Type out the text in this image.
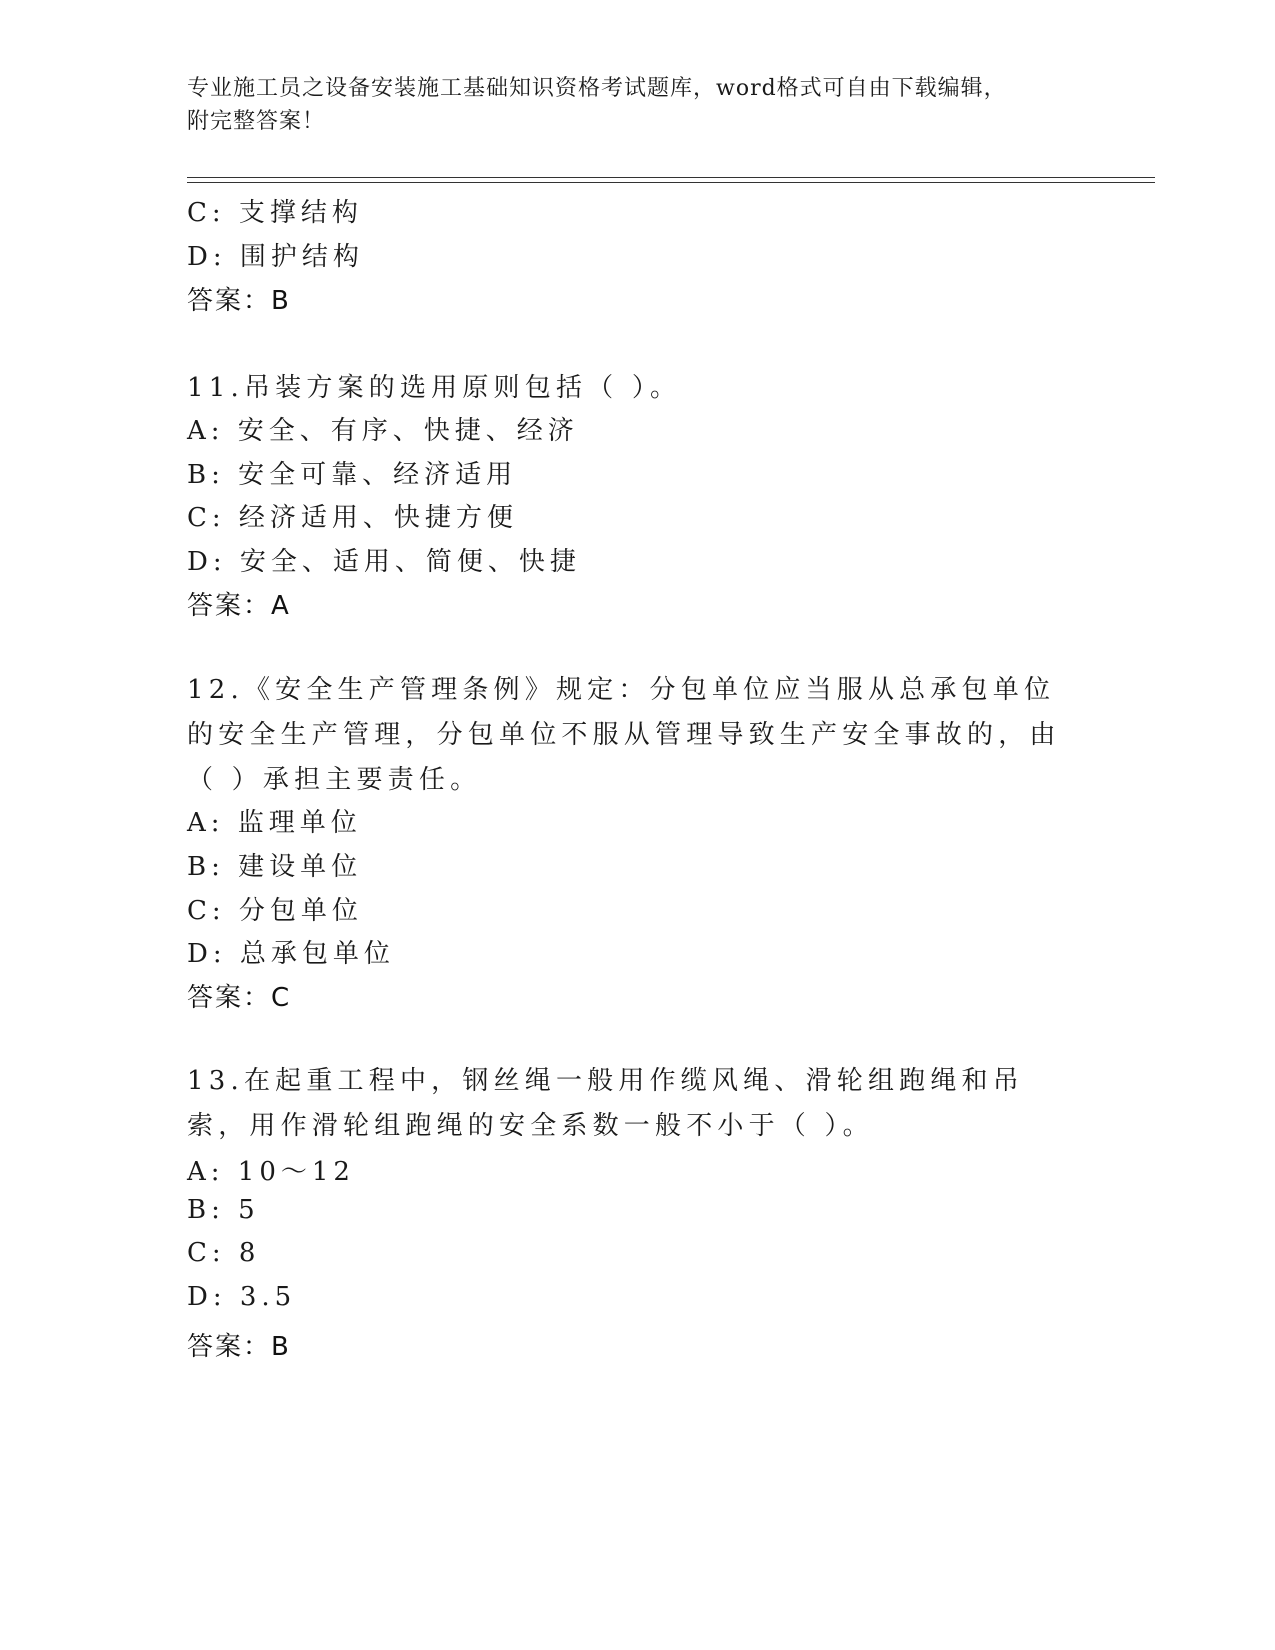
专业施工员之设备安装施工基础知识资格考试题库，word格式可自由下载编辑，
附完整答案！
C: 支撑结构
D: 围护结构
答案：B
11.吊装方案的选用原则包括（ ）。
A: 安全、有序、快捷、经济
B: 安全可靠、经济适用
C: 经济适用、快捷方便
D: 安全、适用、简便、快捷
答案：A
12.《安全生产管理条例》规定：分包单位应当服从总承包单位的安全生产管理，分包单位不服从管理导致生产安全事故的，由（ ）承担主要责任。
A: 监理单位
B: 建设单位
C: 分包单位
D: 总承包单位
答案：C
13.在起重工程中，钢丝绳一般用作缆风绳、滑轮组跑绳和吊索，用作滑轮组跑绳的安全系数一般不小于（ ）。
A: 10～12
B: 5
C: 8
D: 3.5
答案：B
